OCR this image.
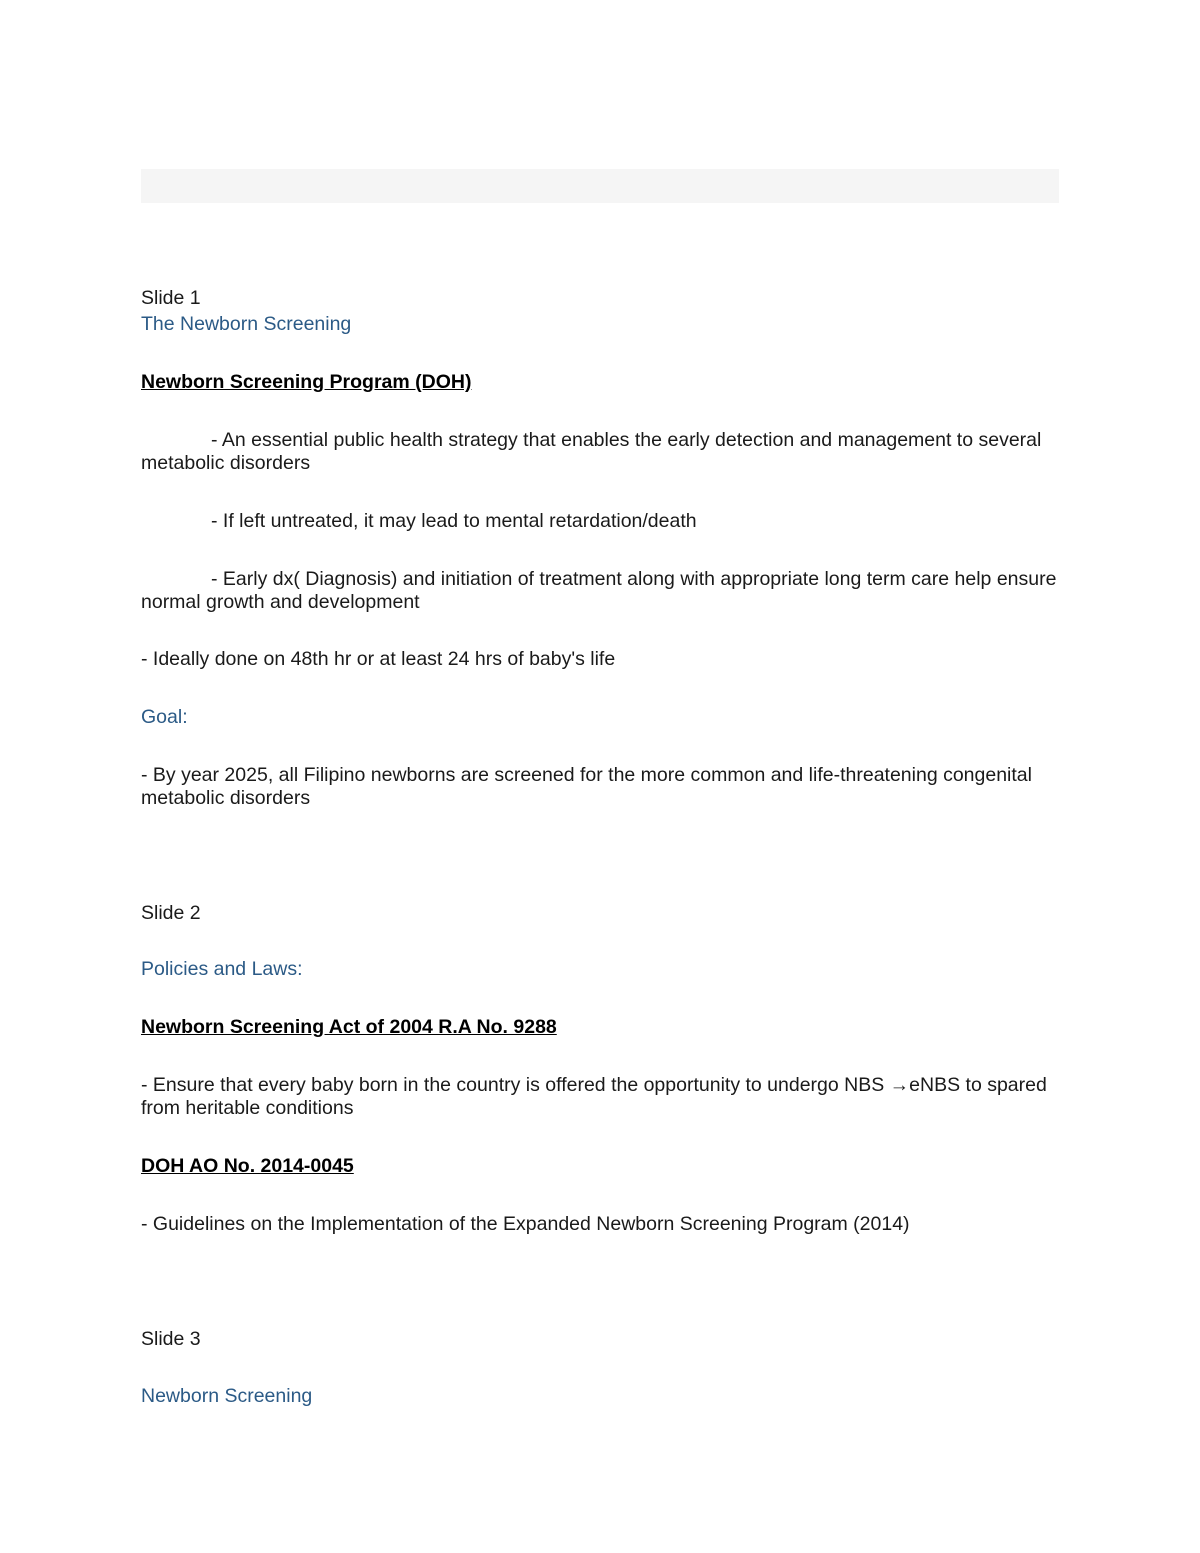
Slide 1
The Newborn Screening
Newborn Screening Program (DOH)
- An essential public health strategy that enables the early detection and management to several metabolic disorders
- If left untreated, it may lead to mental retardation/death
- Early dx( Diagnosis) and initiation of treatment along with appropriate long term care help ensure normal growth and development
- Ideally done on 48th hr or at least 24 hrs of baby's life
Goal:
- By year 2025, all Filipino newborns are screened for the more common and life-threatening congenital metabolic disorders
Slide 2
Policies and Laws:
Newborn Screening Act of 2004 R.A No. 9288
- Ensure that every baby born in the country is offered the opportunity to undergo NBS →eNBS to spared from heritable conditions
DOH AO No. 2014-0045
- Guidelines on the Implementation of the Expanded Newborn Screening Program (2014)
Slide 3
Newborn Screening
